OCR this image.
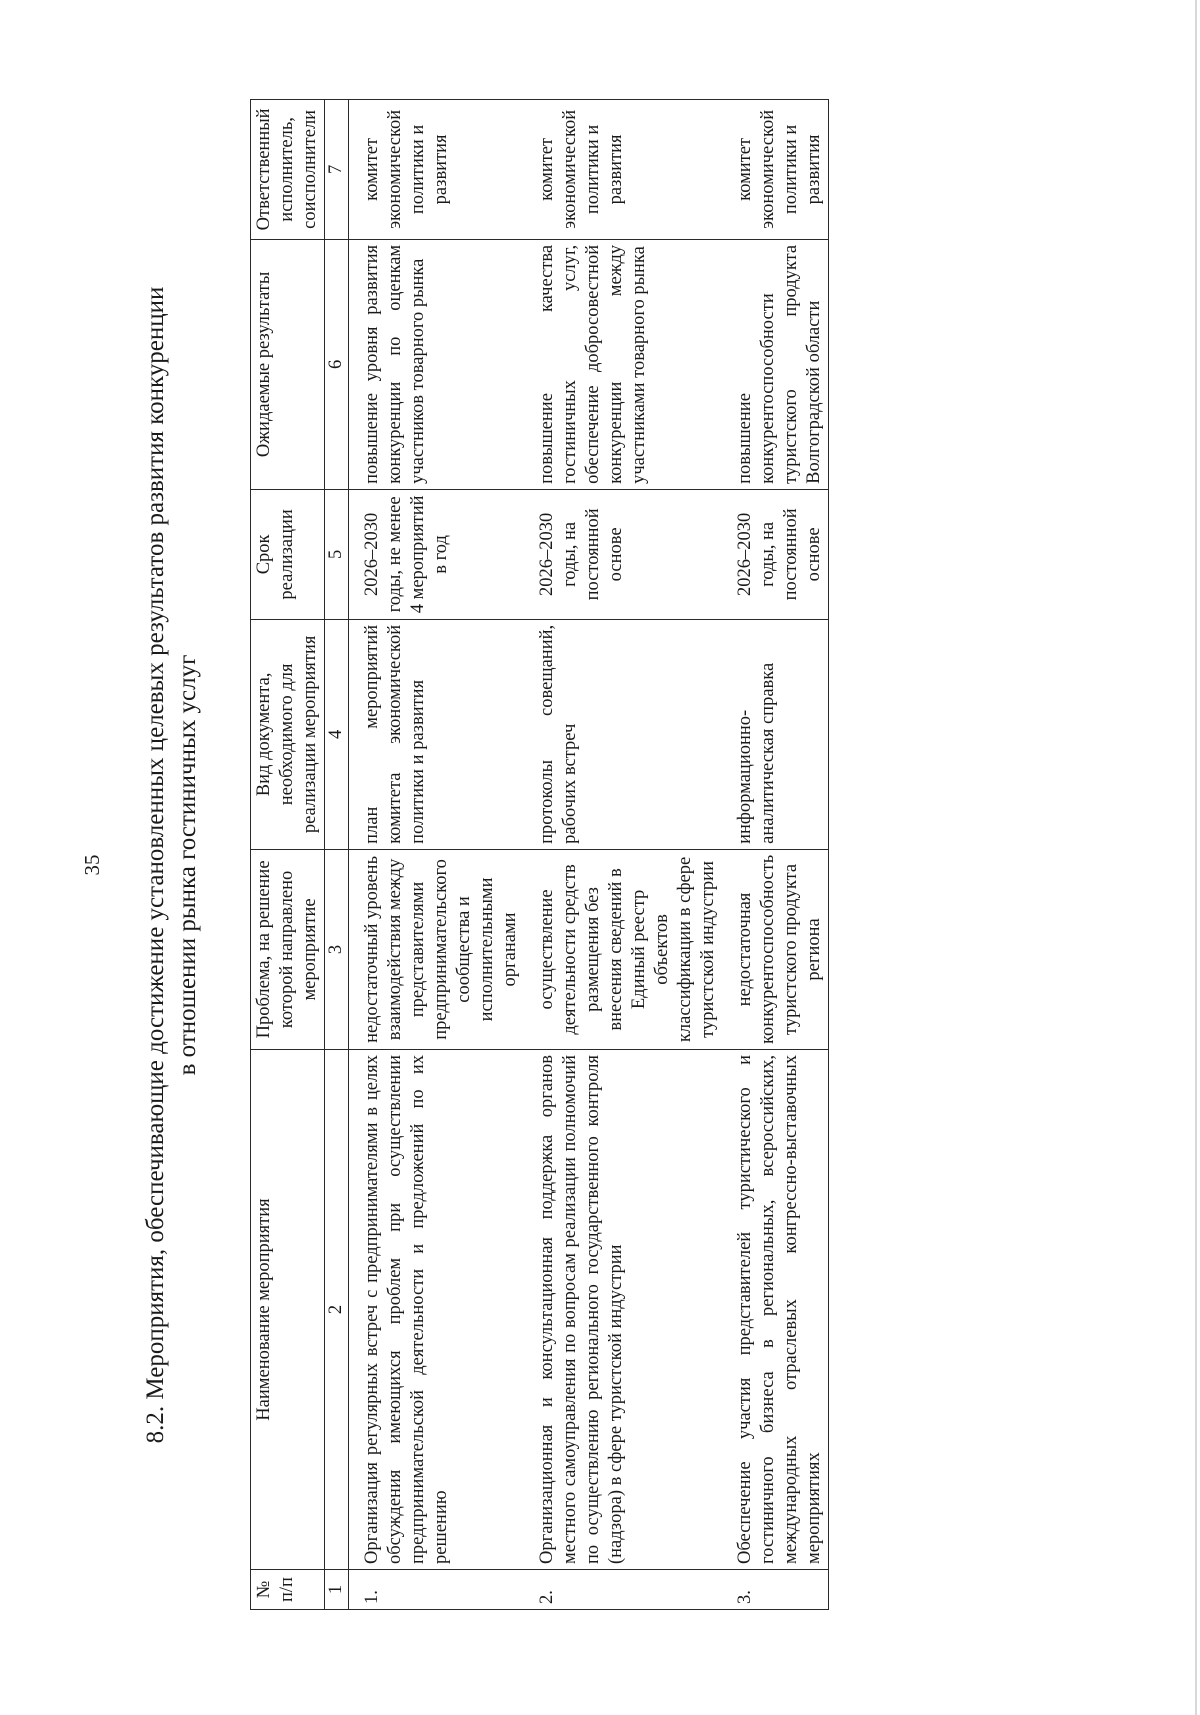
35 8.2. Мероприятия, обеспечивающие достижение установленных целевых результатов развития конкуренции в отношении рынка гостиничных услуг
№ п/п	Наименование мероприятия	Проблема, на решение которой направлено мероприятие	Вид документа, необходимого для реализации мероприятия	Срок реализации	Ожидаемые результаты	Ответственный исполнитель, соисполнители
1	2	3	4	5	6	7
1.	Организация регулярных встреч с предпринимателями в целях обсуждения имеющихся проблем при осуществлении предпринимательской деятельности и предложений по их решению	недостаточный уровень взаимодействия между представителями предпринимательского сообщества и исполнительными органами	план мероприятий комитета экономической политики и развития	2026–2030 годы, не менее 4 мероприятий в год	повышение уровня развития конкуренции по оценкам участников товарного рынка	комитет экономической политики и развития
2.	Организационная и консультационная поддержка органов местного самоуправления по вопросам реализации полномочий по осуществлению регионального государственного контроля (надзора) в сфере туристской индустрии	осуществление деятельности средств размещения без внесения сведений в Единый реестр объектов классификации в сфере туристской индустрии	протоколы совещаний, рабочих встреч	2026–2030 годы, на постоянной основе	повышение качества гостиничных услуг, обеспечение добросовестной конкуренции между участниками товарного рынка	комитет экономической политики и развития
3.	Обеспечение участия представителей туристического и гостиничного бизнеса в региональных, всероссийских, международных отраслевых конгрессно-выставочных мероприятиях	недостаточная конкурентоспособность туристского продукта региона	информационно-аналитическая справка	2026–2030 годы, на постоянной основе	повышение конкурентоспособности туристского продукта Волгоградской области	комитет экономической политики и развития
